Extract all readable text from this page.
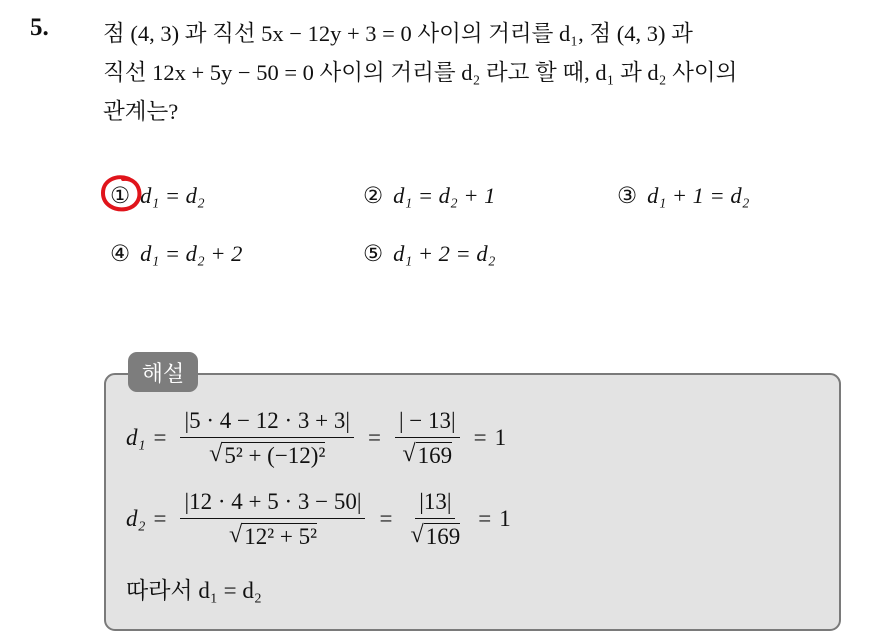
5. 점 (4, 3) 과 직선 5x − 12y + 3 = 0 사이의 거리를 d₁, 점 (4, 3) 과
직선 12x + 5y − 50 = 0 사이의 거리를 d₂ 라고 할 때, d₁ 과 d₂ 사이의
관계는?
① d₁ = d₂	② d₁ = d₂ + 1	③ d₁ + 1 = d₂
④ d₁ = d₂ + 2	⑤ d₁ + 2 = d₂
해설
$d_1 = \frac{|5 \cdot 4 - 12 \cdot 3 + 3|}{\text{√ 5² + (−12)²}} = \frac{| - 13|}{√ 169} = 1$
$d_2 = \frac{|12 \cdot 4 + 5 \cdot 3 - 50|}{\text{√ 12² + 5²}} = \frac{|13|}{√ 169} = 1$
따라서 d₁ = d₂
